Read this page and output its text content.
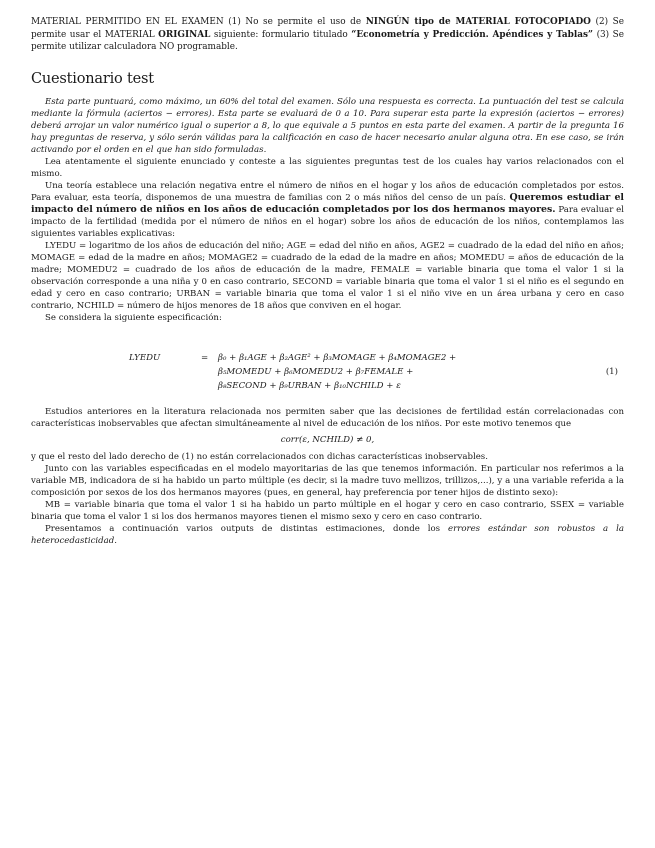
MATERIAL PERMITIDO EN EL EXAMEN (1) No se permite el uso de NINGÚN tipo de MATERIAL FOTOCOPIADO (2) Se permite usar el MATERIAL ORIGINAL siguiente: formulario titulado “Econometría y Predicción. Apéndices y Tablas” (3) Se permite utilizar calculadora NO programable.

Cuestionario test

Esta parte puntuará, como máximo, un 60% del total del examen. Sólo una respuesta es correcta. La puntuación del test se calcula mediante la fórmula (aciertos − errores). Esta parte se evaluará de 0 a 10. Para superar esta parte la expresión (aciertos − errores) deberá arrojar un valor numérico igual o superior a 8, lo que equivale a 5 puntos en esta parte del examen. A partir de la pregunta 16 hay preguntas de reserva, y sólo serán válidas para la calificación en caso de hacer necesario anular alguna otra. En ese caso, se irán activando por el orden en el que han sido formuladas.

Lea atentamente el siguiente enunciado y conteste a las siguientes preguntas test de los cuales hay varios relacionados con el mismo.

Una teoría establece una relación negativa entre el número de niños en el hogar y los años de educación completados por estos. Para evaluar, esta teoría, disponemos de una muestra de familias con 2 o más niños del censo de un país. Queremos estudiar el impacto del número de niños en los años de educación completados por los dos hermanos mayores. Para evaluar el impacto de la fertilidad (medida por el número de niños en el hogar) sobre los años de educación de los niños, contemplamos las siguientes variables explicativas:

LYEDU = logaritmo de los años de educación del niño; AGE = edad del niño en años, AGE2 = cuadrado de la edad del niño en años; MOMAGE = edad de la madre en años; MOMAGE2 = cuadrado de la edad de la madre en años; MOMEDU = años de educación de la madre; MOMEDU2 = cuadrado de los años de educación de la madre, FEMALE = variable binaria que toma el valor 1 si la observación corresponde a una niña y 0 en caso contrario, SECOND = variable binaria que toma el valor 1 si el niño es el segundo en edad y cero en caso contrario; URBAN = variable binaria que toma el valor 1 si el niño vive en un área urbana y cero en caso contrario, NCHILD = número de hijos menores de 18 años que conviven en el hogar.

Se considera la siguiente especificación:

LYEDU	= β₀ + β₁AGE + β₂AGE² + β₃MOMAGE + β₄MOMAGE2 +
β₅MOMEDU + β₆MOMEDU2 + β₇FEMALE +
β₈SECOND + β₉URBAN + β₁₀NCHILD + ε
(1)

Estudios anteriores en la literatura relacionada nos permiten saber que las decisiones de fertilidad están correlacionadas con características inobservables que afectan simultáneamente al nivel de educación de los niños. Por este motivo tenemos que

corr(ε, NCHILD) ≠ 0,

y que el resto del lado derecho de (1) no están correlacionados con dichas características inobservables.

Junto con las variables especificadas en el modelo mayoritarias de las que tenemos información. En particular nos referimos a la variable MB, indicadora de si ha habido un parto múltiple (es decir, si la madre tuvo mellizos, trillizos,...), y a una variable referida a la composición por sexos de los dos hermanos mayores (pues, en general, hay preferencia por tener hijos de distinto sexo):

MB = variable binaria que toma el valor 1 si ha habido un parto múltiple en el hogar y cero en caso contrario, SSEX = variable binaria que toma el valor 1 si los dos hermanos mayores tienen el mismo sexo y cero en caso contrario.

Presentamos a continuación varios outputs de distintas estimaciones, donde los errores estándar son robustos a la heterocedasticidad.
